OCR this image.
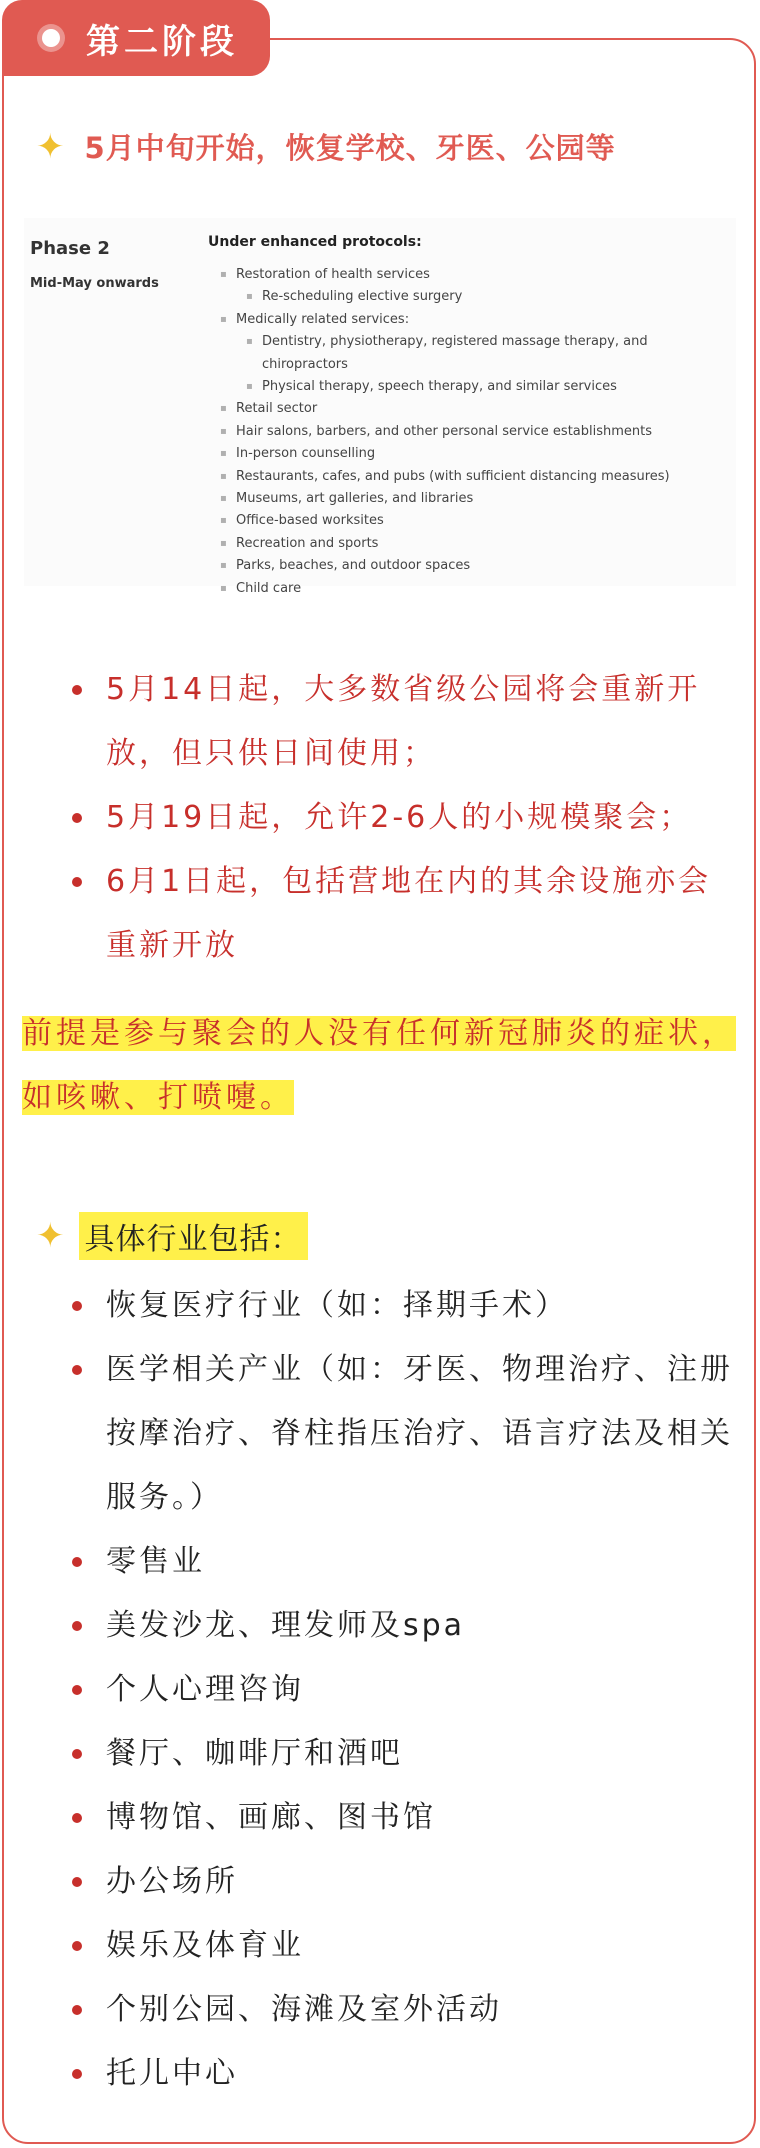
第二阶段
✦ 5月中旬开始，恢复学校、牙医、公园等
Phase 2
Mid-May onwards
Under enhanced protocols:
▪ Restoration of health services
▪ Re-scheduling elective surgery
▪ Medically related services:
▪ Dentistry, physiotherapy, registered massage therapy, and chiropractors
▪ Physical therapy, speech therapy, and similar services
▪ Retail sector
▪ Hair salons, barbers, and other personal service establishments
▪ In-person counselling
▪ Restaurants, cafes, and pubs (with sufficient distancing measures)
▪ Museums, art galleries, and libraries
▪ Office-based worksites
▪ Recreation and sports
▪ Parks, beaches, and outdoor spaces
▪ Child care
5月14日起，大多数省级公园将会重新开放，但只供日间使用；
5月19日起，允许2-6人的小规模聚会；
6月1日起，包括营地在内的其余设施亦会重新开放
前提是参与聚会的人没有任何新冠肺炎的症状，如咳嗽、打喷嚏。
✦ 具体行业包括：
恢复医疗行业（如：择期手术）
医学相关产业（如：牙医、物理治疗、注册按摩治疗、脊柱指压治疗、语言疗法及相关服务。）
零售业
美发沙龙、理发师及spa
个人心理咨询
餐厅、咖啡厅和酒吧
博物馆、画廊、图书馆
办公场所
娱乐及体育业
个别公园、海滩及室外活动
托儿中心
